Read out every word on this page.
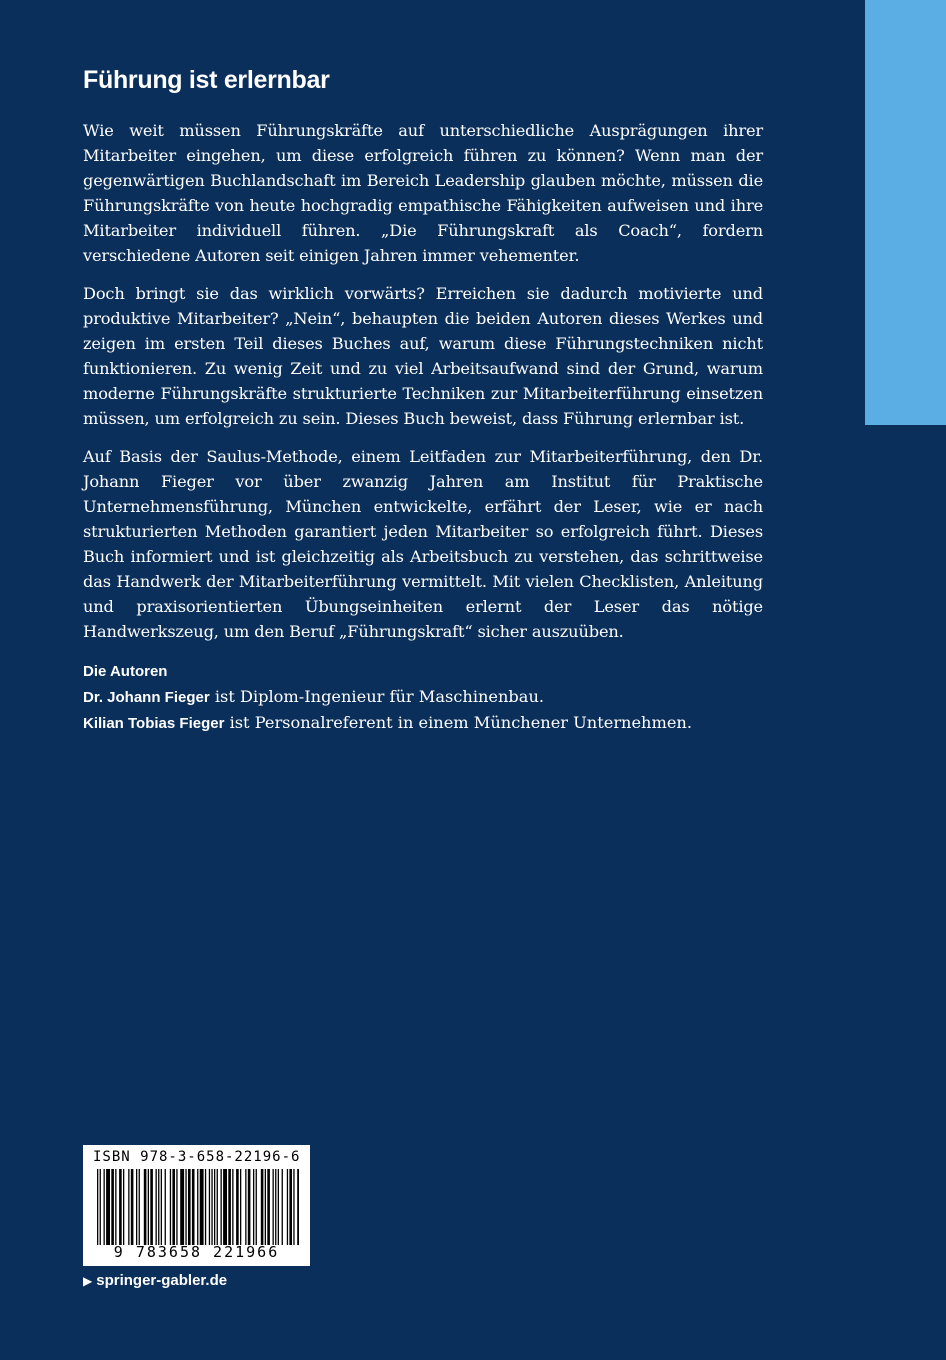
Führung ist erlernbar

Wie weit müssen Führungskräfte auf unterschiedliche Ausprägungen ihrer Mitarbeiter eingehen, um diese erfolgreich führen zu können? Wenn man der gegenwärtigen Buchlandschaft im Bereich Leadership glauben möchte, müssen die Führungskräfte von heute hochgradig empathische Fähigkeiten aufweisen und ihre Mitarbeiter individuell führen. „Die Führungskraft als Coach“, fordern verschiedene Autoren seit einigen Jahren immer vehementer.

Doch bringt sie das wirklich vorwärts? Erreichen sie dadurch motivierte und produktive Mitarbeiter? „Nein“, behaupten die beiden Autoren dieses Werkes und zeigen im ersten Teil dieses Buches auf, warum diese Führungstechniken nicht funktionieren. Zu wenig Zeit und zu viel Arbeitsaufwand sind der Grund, warum moderne Führungskräfte strukturierte Techniken zur Mitarbeiterführung einsetzen müssen, um erfolgreich zu sein. Dieses Buch beweist, dass Führung erlernbar ist.

Auf Basis der Saulus-Methode, einem Leitfaden zur Mitarbeiterführung, den Dr. Johann Fieger vor über zwanzig Jahren am Institut für Praktische Unternehmensführung, München entwickelte, erfährt der Leser, wie er nach strukturierten Methoden garantiert jeden Mitarbeiter so erfolgreich führt. Dieses Buch informiert und ist gleichzeitig als Arbeitsbuch zu verstehen, das schrittweise das Handwerk der Mitarbeiterführung vermittelt. Mit vielen Checklisten, Anleitung und praxisorientierten Übungseinheiten erlernt der Leser das nötige Handwerkszeug, um den Beruf „Führungskraft“ sicher auszuüben.

Die Autoren
Dr. Johann Fieger ist Diplom-Ingenieur für Maschinenbau.
Kilian Tobias Fieger ist Personalreferent in einem Münchener Unternehmen.
ISBN 978-3-658-22196-6
9 783658 221966
▶ springer-gabler.de
